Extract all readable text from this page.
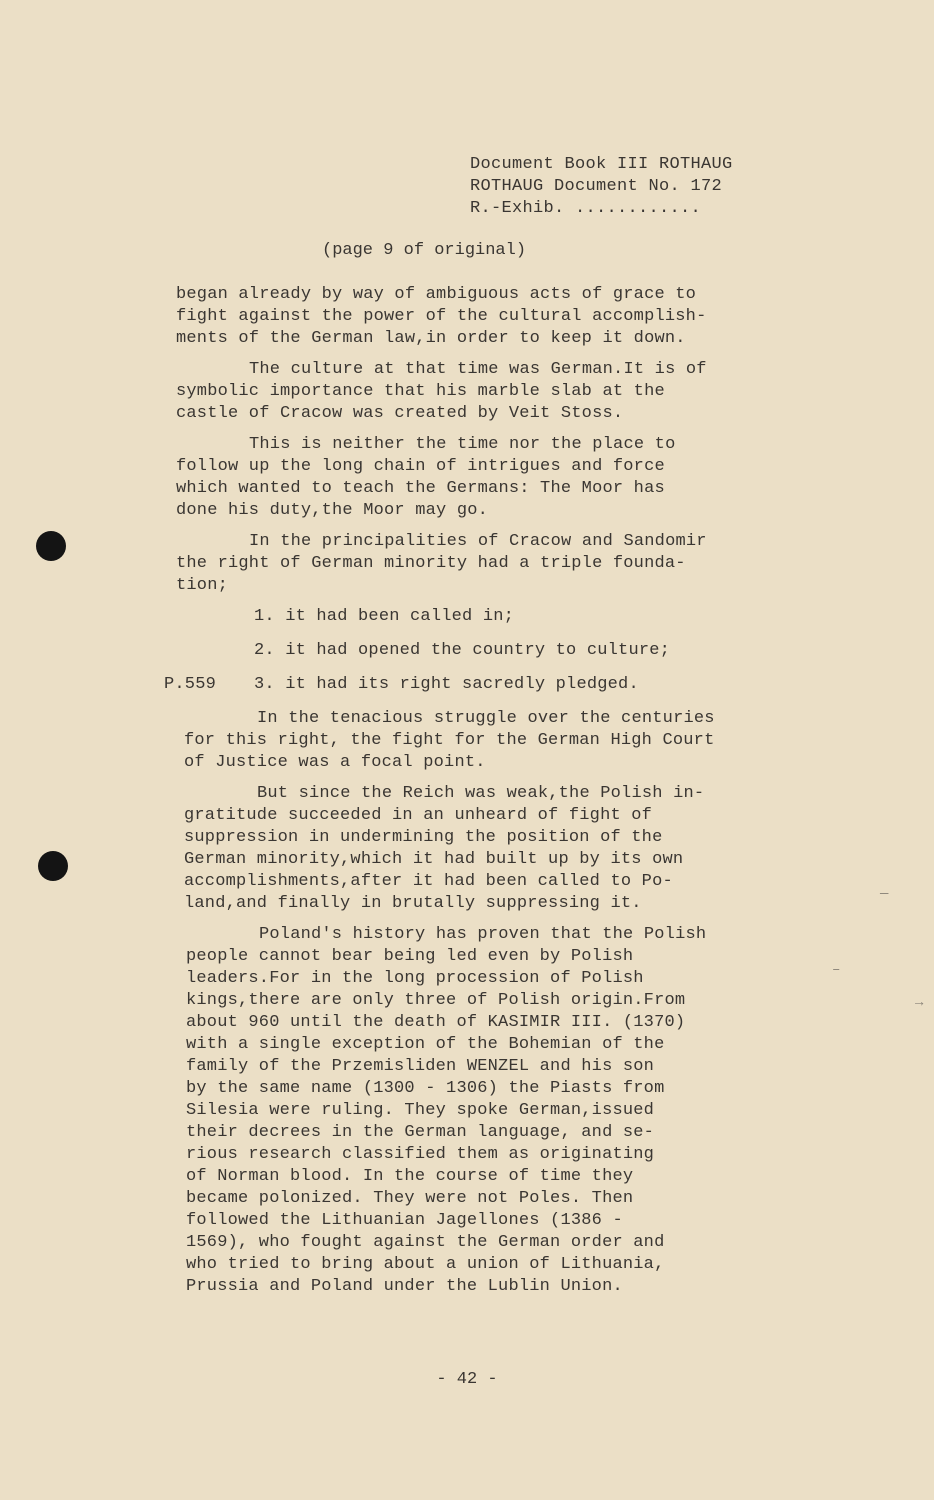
Document Book III ROTHAUG
ROTHAUG Document No. 172
R.-Exhib. ............
(page 9 of original)

began already by way of ambiguous acts of grace to
fight against the power of the cultural accomplish-
ments of the German law,in order to keep it down.

The culture at that time was German.It is of
symbolic importance that his marble slab at the
castle of Cracow was created by Veit Stoss.

This is neither the time nor the place to
follow up the long chain of intrigues and force
which wanted to teach the Germans: The Moor has
done his duty,the Moor may go.

In the principalities of Cracow and Sandomir
the right of German minority had a triple founda-
tion;

1. it had been called in;
2. it had opened the country to culture;
P.559 3. it had its right sacredly pledged.

In the tenacious struggle over the centuries
for this right, the fight for the German High Court
of Justice was a focal point.

But since the Reich was weak,the Polish in-
gratitude succeeded in an unheard of fight of
suppression in undermining the position of the
German minority,which it had built up by its own
accomplishments,after it had been called to Po-
land,and finally in brutally suppressing it.

Poland's history has proven that the Polish
people cannot bear being led even by Polish
leaders.For in the long procession of Polish
kings,there are only three of Polish origin.From
about 960 until the death of KASIMIR III. (1370)
with a single exception of the Bohemian of the
family of the Przemisliden WENZEL and his son
by the same name (1300 - 1306) the Piasts from
Silesia were ruling. They spoke German,issued
their decrees in the German language, and se-
rious research classified them as originating
of Norman blood. In the course of time they
became polonized. They were not Poles. Then
followed the Lithuanian Jagellones (1386 -
1569), who fought against the German order and
who tried to bring about a union of Lithuania,
Prussia and Poland under the Lublin Union.

- 42 -
–
→
—
